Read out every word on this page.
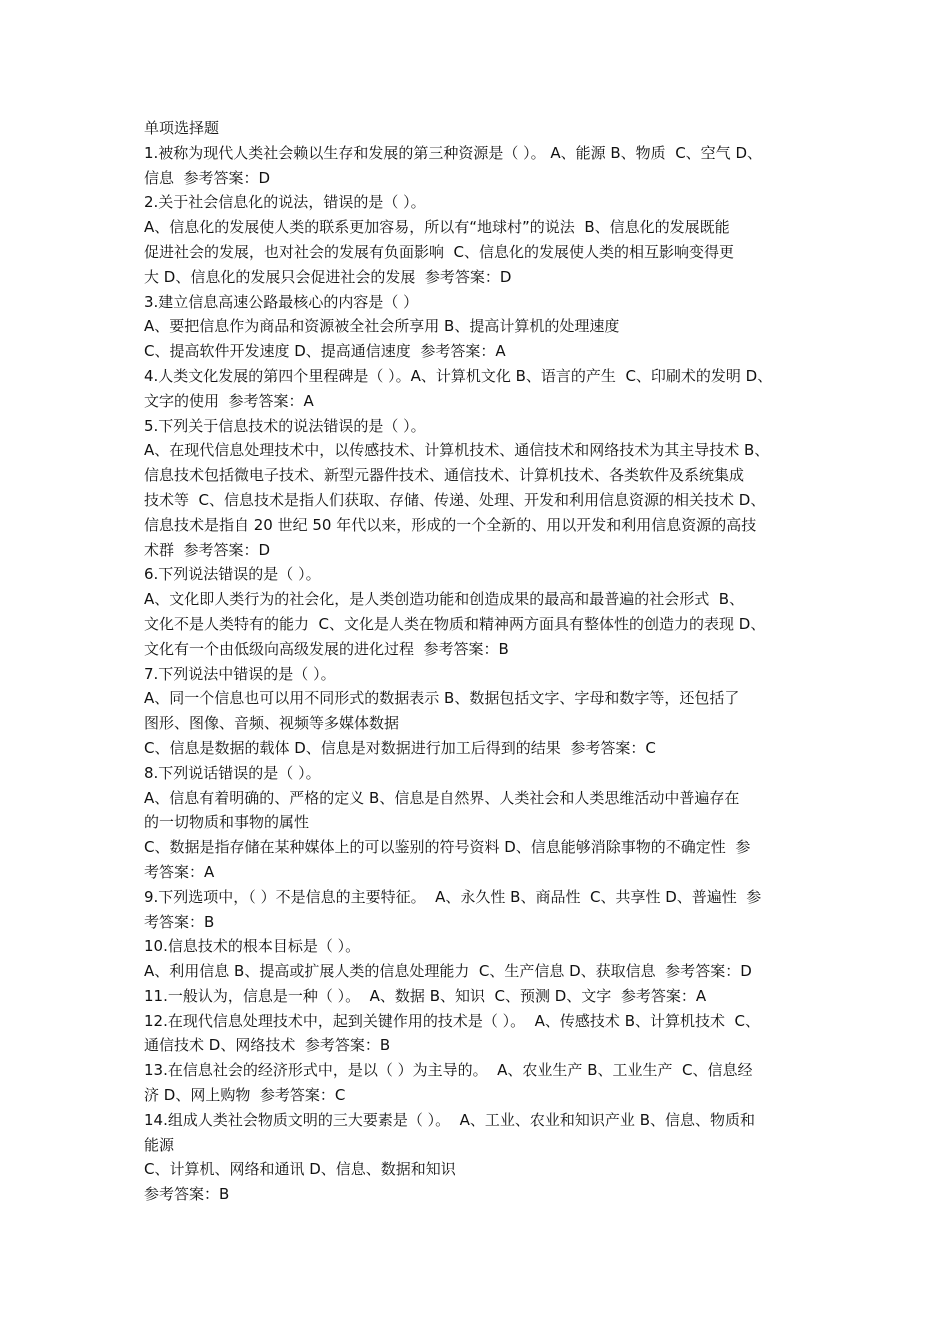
单项选择题
1.被称为现代人类社会赖以生存和发展的第三种资源是（ ）。 A、能源 B、物质  C、空气 D、
信息  参考答案：D
2.关于社会信息化的说法，错误的是（ ）。
A、信息化的发展使人类的联系更加容易，所以有“地球村”的说法  B、信息化的发展既能
促进社会的发展，也对社会的发展有负面影响  C、信息化的发展使人类的相互影响变得更
大 D、信息化的发展只会促进社会的发展  参考答案：D
3.建立信息高速公路最核心的内容是（ ）
A、要把信息作为商品和资源被全社会所享用 B、提高计算机的处理速度
C、提高软件开发速度 D、提高通信速度  参考答案：A
4.人类文化发展的第四个里程碑是（ ）。A、计算机文化 B、语言的产生  C、印刷术的发明 D、
文字的使用  参考答案：A
5.下列关于信息技术的说法错误的是（ ）。
A、在现代信息处理技术中，以传感技术、计算机技术、通信技术和网络技术为其主导技术 B、
信息技术包括微电子技术、新型元器件技术、通信技术、计算机技术、各类软件及系统集成
技术等  C、信息技术是指人们获取、存储、传递、处理、开发和利用信息资源的相关技术 D、
信息技术是指自 20 世纪 50 年代以来，形成的一个全新的、用以开发和利用信息资源的高技
术群  参考答案：D
6.下列说法错误的是（ ）。
A、文化即人类行为的社会化，是人类创造功能和创造成果的最高和最普遍的社会形式  B、
文化不是人类特有的能力  C、文化是人类在物质和精神两方面具有整体性的创造力的表现 D、
文化有一个由低级向高级发展的进化过程  参考答案：B
7.下列说法中错误的是（ ）。
A、同一个信息也可以用不同形式的数据表示 B、数据包括文字、字母和数字等，还包括了
图形、图像、音频、视频等多媒体数据
C、信息是数据的载体 D、信息是对数据进行加工后得到的结果  参考答案：C
8.下列说话错误的是（ ）。
A、信息有着明确的、严格的定义 B、信息是自然界、人类社会和人类思维活动中普遍存在
的一切物质和事物的属性
C、数据是指存储在某种媒体上的可以鉴别的符号资料 D、信息能够消除事物的不确定性  参
考答案：A
9.下列选项中，（ ）不是信息的主要特征。  A、永久性 B、商品性  C、共享性 D、普遍性  参
考答案：B
10.信息技术的根本目标是（ ）。
A、利用信息 B、提高或扩展人类的信息处理能力  C、生产信息 D、获取信息  参考答案：D
11.一般认为，信息是一种（ ）。  A、数据 B、知识  C、预测 D、文字  参考答案：A
12.在现代信息处理技术中，起到关键作用的技术是（ ）。  A、传感技术 B、计算机技术  C、
通信技术 D、网络技术  参考答案：B
13.在信息社会的经济形式中，是以（ ）为主导的。  A、农业生产 B、工业生产  C、信息经
济 D、网上购物  参考答案：C
14.组成人类社会物质文明的三大要素是（ ）。  A、工业、农业和知识产业 B、信息、物质和
能源
C、计算机、网络和通讯 D、信息、数据和知识
参考答案：B
